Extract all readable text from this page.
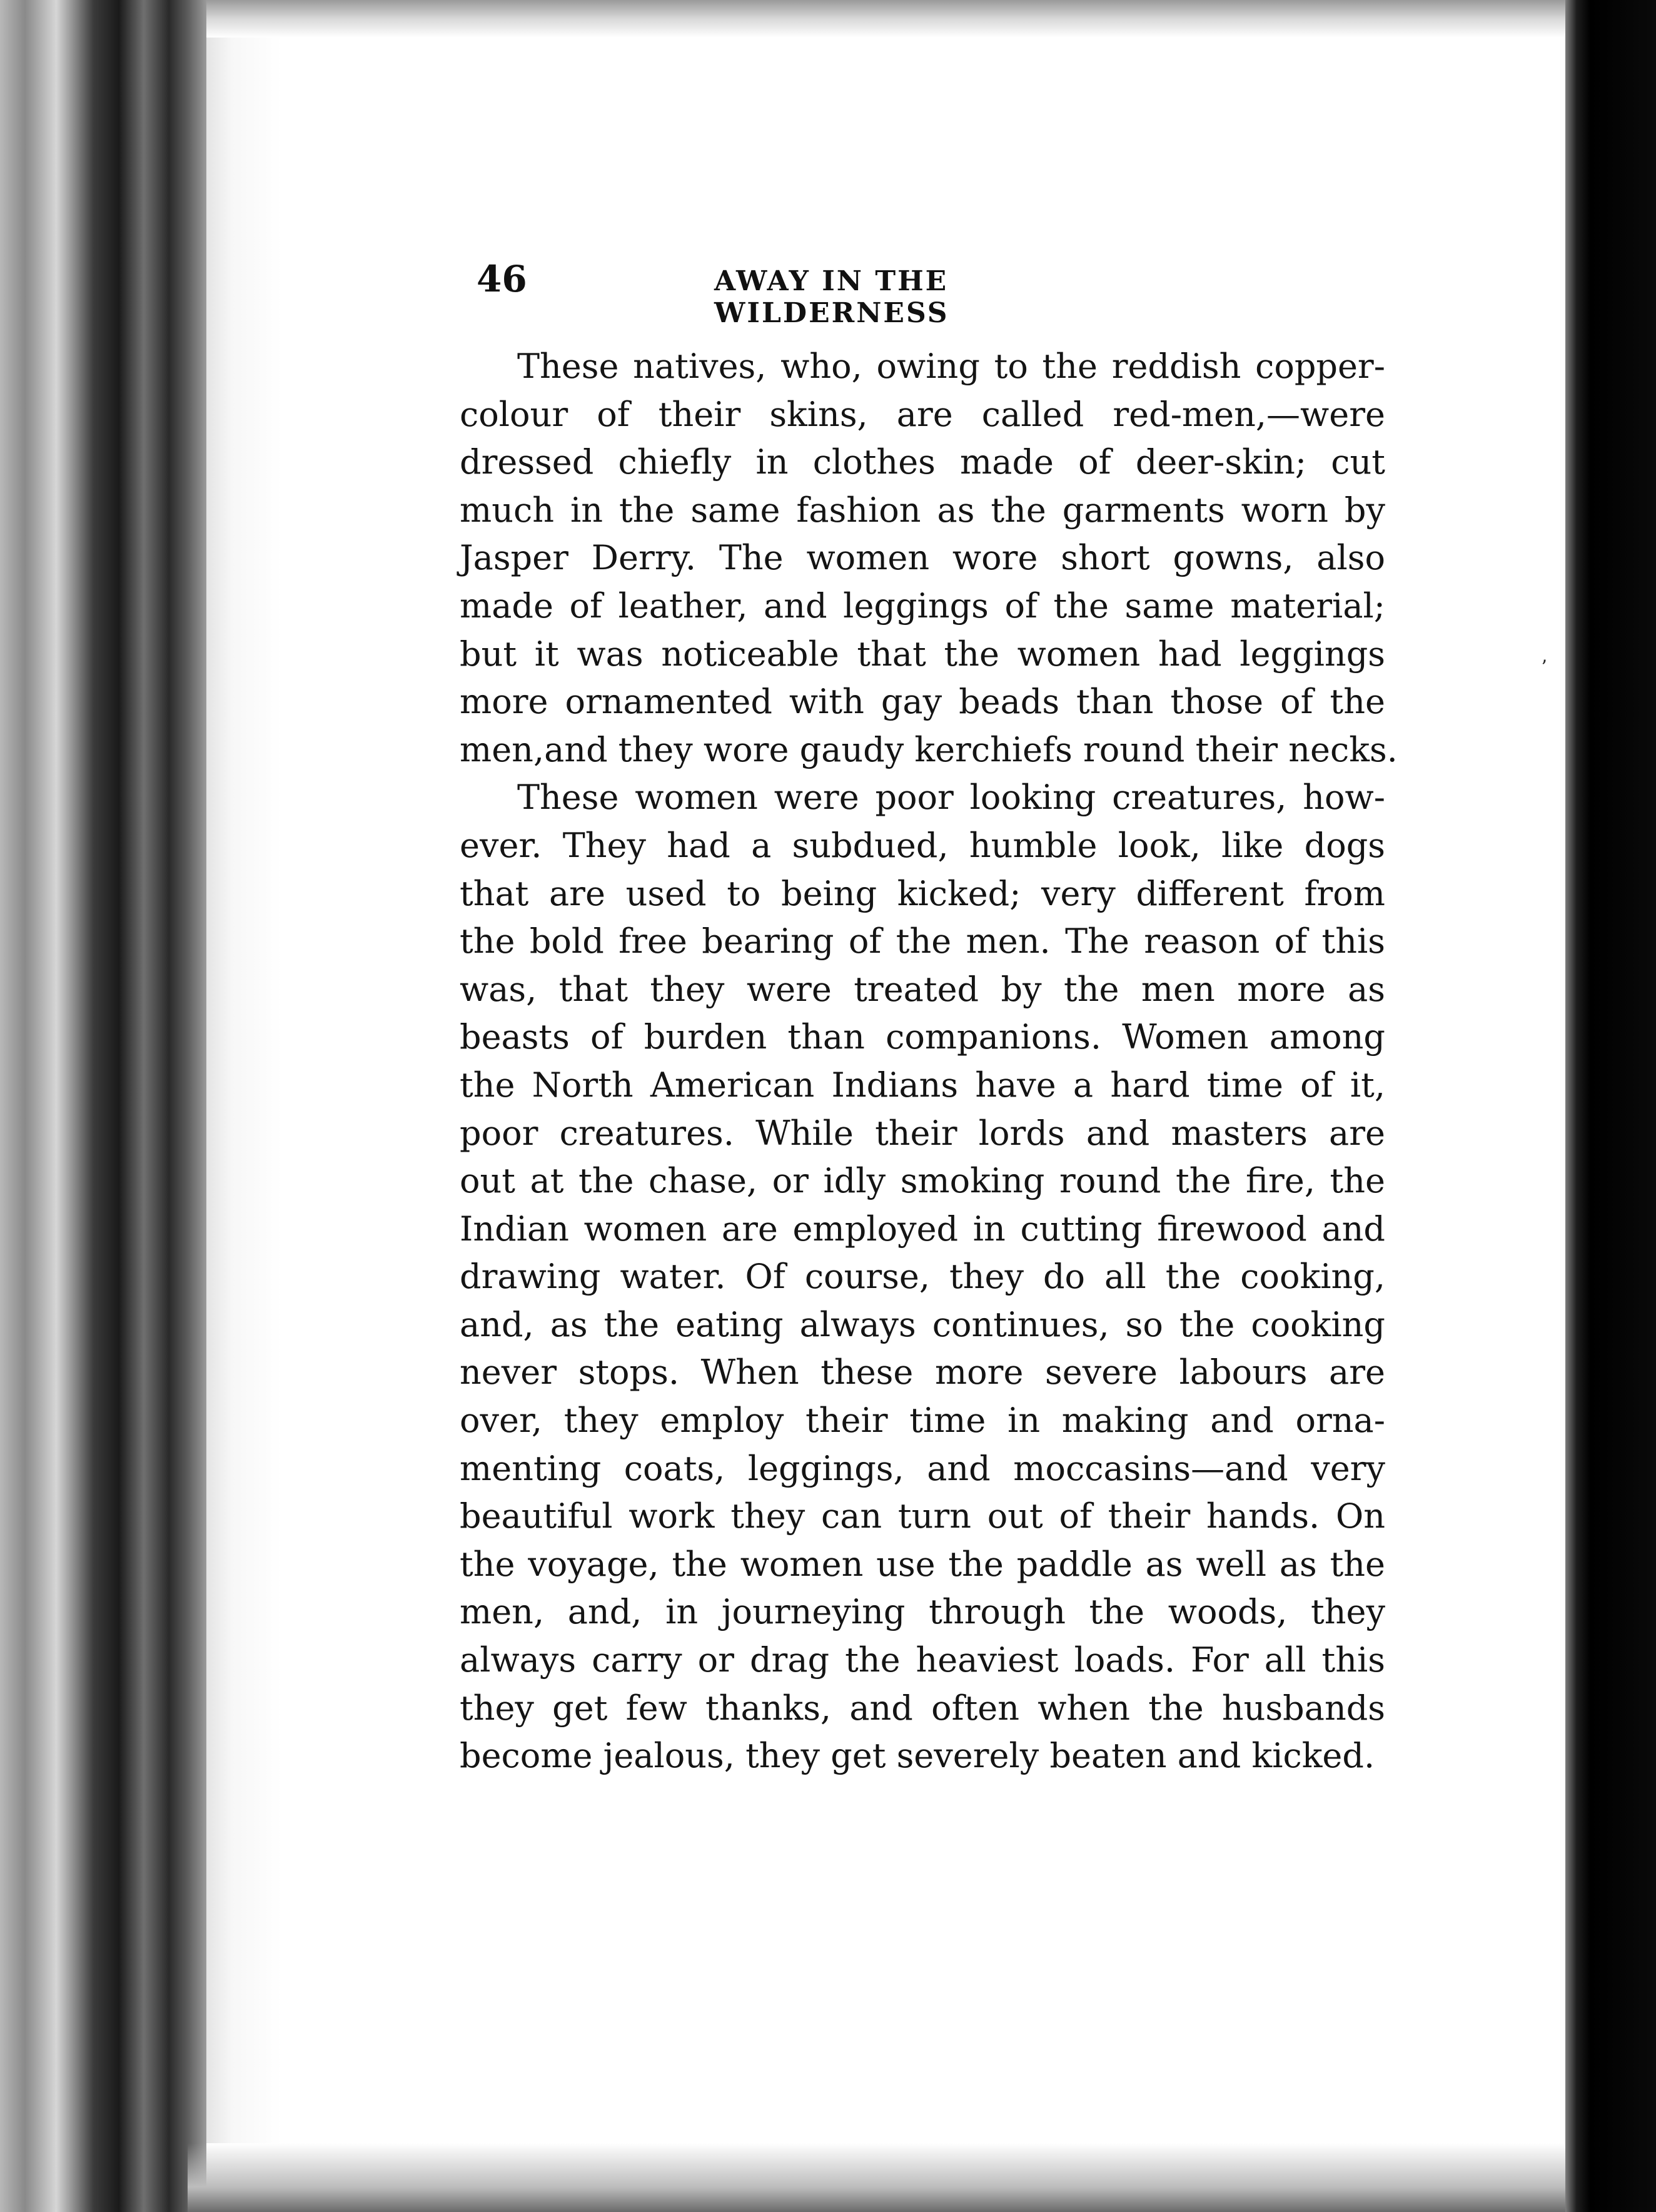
46	AWAY IN THE WILDERNESS

These natives, who, owing to the reddish copper-

colour of their skins, are called red-men,—were

dressed chiefly in clothes made of deer-skin; cut

much in the same fashion as the garments worn by

Jasper Derry. The women wore short gowns, also

made of leather, and leggings of the same material;

but it was noticeable that the women had leggings

more ornamented with gay beads than those of the

men,and they wore gaudy kerchiefs round their necks.

These women were poor looking creatures, how-

ever. They had a subdued, humble look, like dogs

that are used to being kicked; very different from

the bold free bearing of the men. The reason of this

was, that they were treated by the men more as

beasts of burden than companions. Women among

the North American Indians have a hard time of it,

poor creatures. While their lords and masters are

out at the chase, or idly smoking round the fire, the

Indian women are employed in cutting firewood and

drawing water. Of course, they do all the cooking,

and, as the eating always continues, so the cooking

never stops. When these more severe labours are

over, they employ their time in making and orna-

menting coats, leggings, and moccasins—and very

beautiful work they can turn out of their hands. On

the voyage, the women use the paddle as well as the

men, and, in journeying through the woods, they

always carry or drag the heaviest loads. For all this

they get few thanks, and often when the husbands

become jealous, they get severely beaten and kicked.

ʼ
